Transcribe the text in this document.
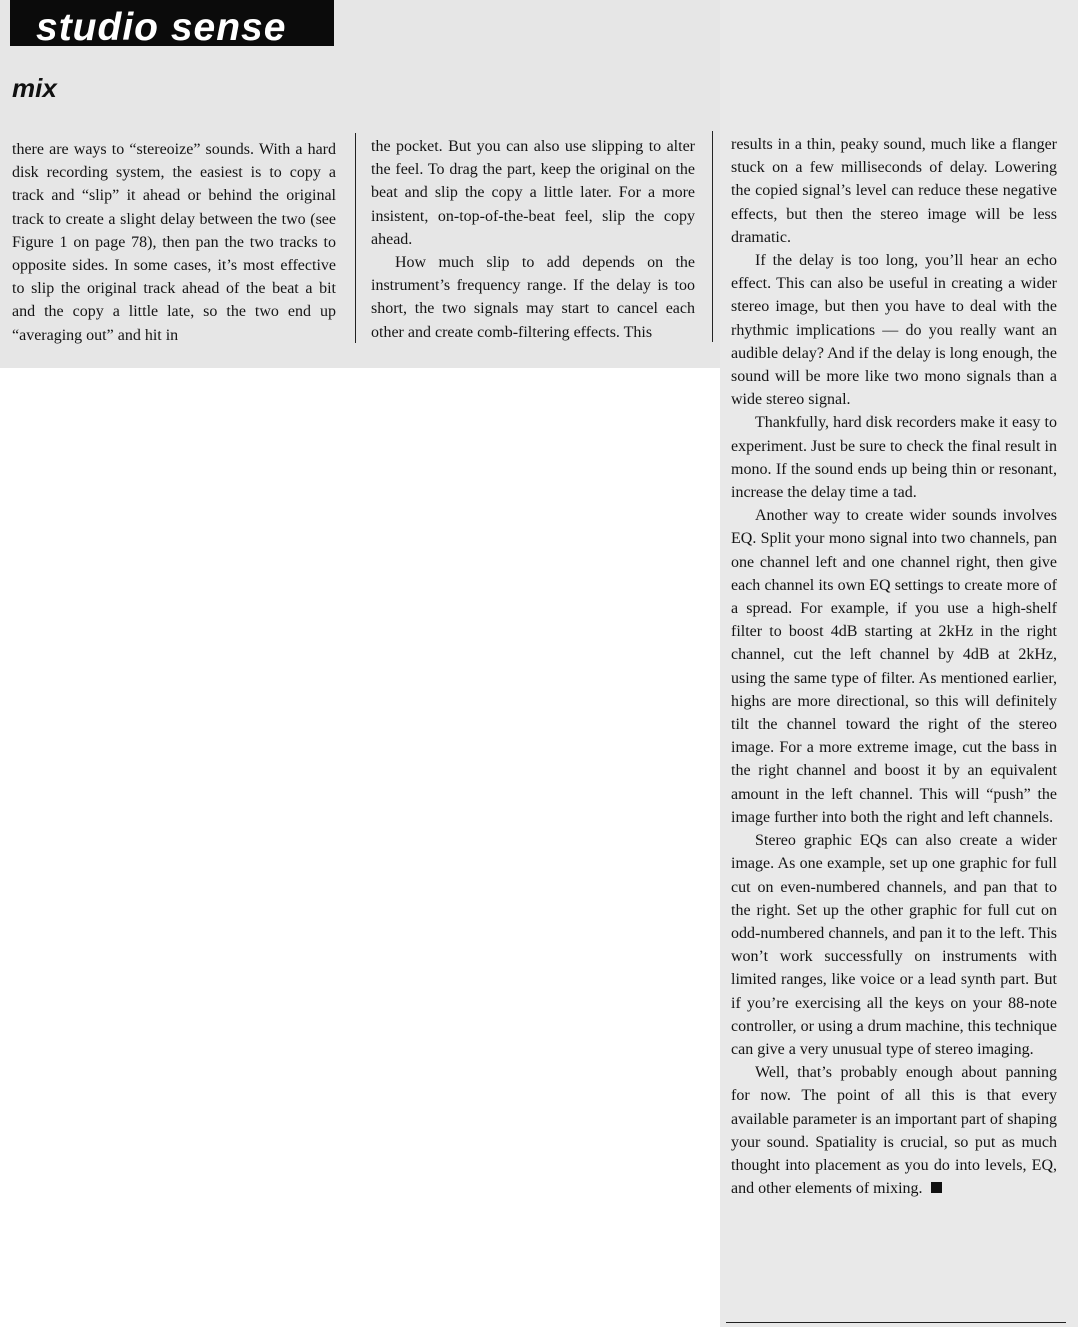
studio sense
mix

there are ways to “stereoize” sounds. With a hard disk recording system, the easiest is to copy a track and “slip” it ahead or behind the original track to create a slight delay between the two (see Figure 1 on page 78), then pan the two tracks to opposite sides. In some cases, it’s most effective to slip the original track ahead of the beat a bit and the copy a little late, so the two end up “averaging out” and hit in

the pocket. But you can also use slipping to alter the feel. To drag the part, keep the original on the beat and slip the copy a little later. For a more insistent, on-top-of-the-beat feel, slip the copy ahead.

How much slip to add depends on the instrument’s frequency range. If the delay is too short, the two signals may start to cancel each other and create comb-filtering effects. This

results in a thin, peaky sound, much like a flanger stuck on a few milliseconds of delay. Lowering the copied signal’s level can reduce these negative effects, but then the stereo image will be less dramatic.

If the delay is too long, you’ll hear an echo effect. This can also be useful in creating a wider stereo image, but then you have to deal with the rhythmic implications — do you really want an audible delay? And if the delay is long enough, the sound will be more like two mono signals than a wide stereo signal.

Thankfully, hard disk recorders make it easy to experiment. Just be sure to check the final result in mono. If the sound ends up being thin or resonant, increase the delay time a tad.

Another way to create wider sounds involves EQ. Split your mono signal into two channels, pan one channel left and one channel right, then give each channel its own EQ settings to create more of a spread. For example, if you use a high-shelf filter to boost 4dB starting at 2kHz in the right channel, cut the left channel by 4dB at 2kHz, using the same type of filter. As mentioned earlier, highs are more directional, so this will definitely tilt the channel toward the right of the stereo image. For a more extreme image, cut the bass in the right channel and boost it by an equivalent amount in the left channel. This will “push” the image further into both the right and left channels.

Stereo graphic EQs can also create a wider image. As one example, set up one graphic for full cut on even-numbered channels, and pan that to the right. Set up the other graphic for full cut on odd-numbered channels, and pan it to the left. This won’t work successfully on instruments with limited ranges, like voice or a lead synth part. But if you’re exercising all the keys on your 88-note controller, or using a drum machine, this technique can give a very unusual type of stereo imaging.

Well, that’s probably enough about panning for now. The point of all this is that every available parameter is an important part of shaping your sound. Spatiality is crucial, so put as much thought into placement as you do into levels, EQ, and other elements of mixing.
